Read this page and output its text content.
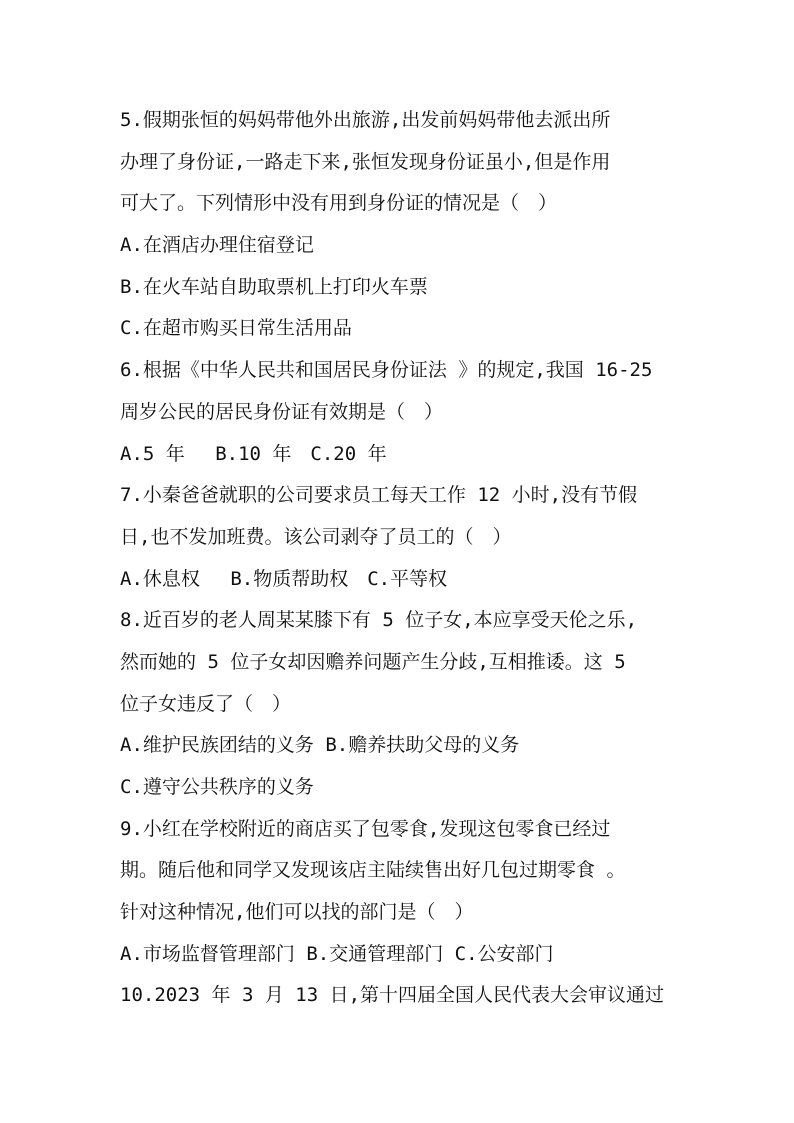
5.假期张恒的妈妈带他外出旅游,出发前妈妈带他去派出所
办理了身份证,一路走下来,张恒发现身份证虽小,但是作用
可大了。下列情形中没有用到身份证的情况是（　）
A.在酒店办理住宿登记
B.在火车站自助取票机上打印火车票
C.在超市购买日常生活用品
6.根据《中华人民共和国居民身份证法 》的规定,我国 16-25
周岁公民的居民身份证有效期是（　）
A.5 年　 B.10 年　C.20 年
7.小秦爸爸就职的公司要求员工每天工作 12 小时,没有节假
日,也不发加班费。该公司剥夺了员工的（　）
A.休息权　 B.物质帮助权　C.平等权
8.近百岁的老人周某某膝下有 5 位子女,本应享受天伦之乐,
然而她的 5 位子女却因赡养问题产生分歧,互相推诿。这 5
位子女违反了（　）
A.维护民族团结的义务 B.赡养扶助父母的义务
C.遵守公共秩序的义务
9.小红在学校附近的商店买了包零食,发现这包零食已经过
期。随后他和同学又发现该店主陆续售出好几包过期零食 。
针对这种情况,他们可以找的部门是（　）
A.市场监督管理部门 B.交通管理部门 C.公安部门
10.2023 年 3 月 13 日,第十四届全国人民代表大会审议通过
